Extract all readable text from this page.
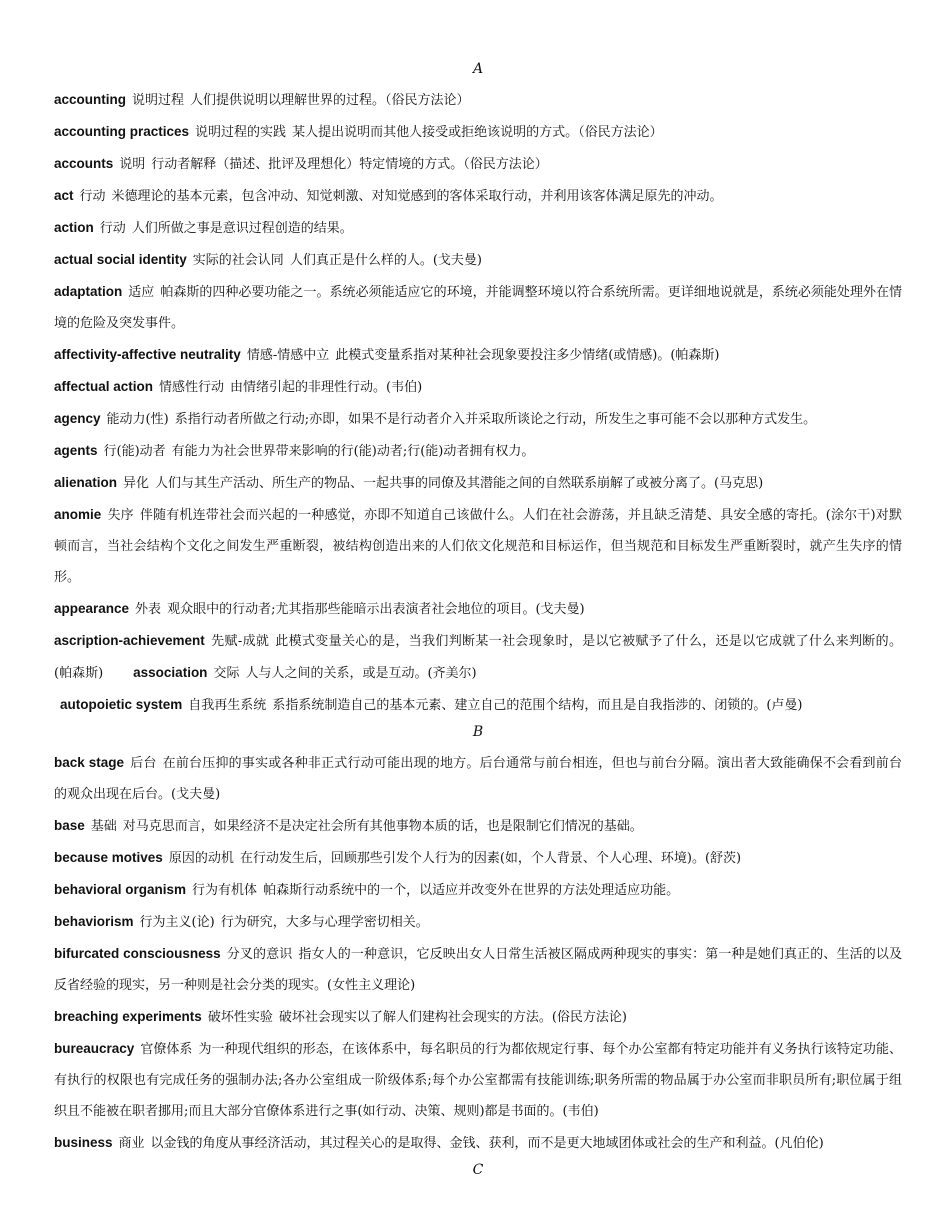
A

accounting 说明过程 人们提供说明以理解世界的过程。（俗民方法论）

accounting practices 说明过程的实践 某人提出说明而其他人接受或拒绝该说明的方式。（俗民方法论）

accounts 说明 行动者解释（描述、批评及理想化）特定情境的方式。（俗民方法论）

act 行动 米德理论的基本元素，包含冲动、知觉刺激、对知觉感到的客体采取行动，并利用该客体满足原先的冲动。

action 行动 人们所做之事是意识过程创造的结果。

actual social identity 实际的社会认同 人们真正是什么样的人。(戈夫曼)

adaptation 适应 帕森斯的四种必要功能之一。系统必须能适应它的环境，并能调整环境以符合系统所需。更详细地说就是，系统必须能处理外在情境的危险及突发事件。

affectivity-affective neutrality 情感-情感中立 此模式变量系指对某种社会现象要投注多少情绪(或情感)。(帕森斯)

affectual action 情感性行动 由情绪引起的非理性行动。(韦伯)

agency 能动力(性) 系指行动者所做之行动;亦即，如果不是行动者介入并采取所谈论之行动，所发生之事可能不会以那种方式发生。

agents 行(能)动者 有能力为社会世界带来影响的行(能)动者;行(能)动者拥有权力。

alienation 异化 人们与其生产活动、所生产的物品、一起共事的同僚及其潜能之间的自然联系崩解了或被分离了。(马克思)

anomie 失序 伴随有机连带社会而兴起的一种感觉，亦即不知道自己该做什么。人们在社会游荡，并且缺乏清楚、具安全感的寄托。(涂尔干)对默顿而言，当社会结构个文化之间发生严重断裂，被结构创造出来的人们依文化规范和目标运作，但当规范和目标发生严重断裂时，就产生失序的情形。

appearance 外表 观众眼中的行动者;尤其指那些能暗示出表演者社会地位的项目。(戈夫曼)

ascription-achievement 先赋-成就 此模式变量关心的是，当我们判断某一社会现象时，是以它被赋予了什么，还是以它成就了什么来判断的。(帕森斯) association 交际 人与人之间的关系，或是互动。(齐美尔)

autopoietic system 自我再生系统 系指系统制造自己的基本元素、建立自己的范围个结构，而且是自我指涉的、闭锁的。(卢曼)

B

back stage 后台 在前台压抑的事实或各种非正式行动可能出现的地方。后台通常与前台相连，但也与前台分隔。演出者大致能确保不会看到前台的观众出现在后台。(戈夫曼)

base 基础 对马克思而言，如果经济不是决定社会所有其他事物本质的话，也是限制它们情况的基础。

because motives 原因的动机 在行动发生后，回顾那些引发个人行为的因素(如，个人背景、个人心理、环境)。(舒茨)

behavioral organism 行为有机体 帕森斯行动系统中的一个，以适应并改变外在世界的方法处理适应功能。

behaviorism 行为主义(论) 行为研究，大多与心理学密切相关。

bifurcated consciousness 分叉的意识 指女人的一种意识，它反映出女人日常生活被区隔成两种现实的事实：第一种是她们真正的、生活的以及反省经验的现实，另一种则是社会分类的现实。(女性主义理论)

breaching experiments 破坏性实验 破坏社会现实以了解人们建构社会现实的方法。(俗民方法论)

bureaucracy 官僚体系 为一种现代组织的形态，在该体系中，每名职员的行为都依规定行事、每个办公室都有特定功能并有义务执行该特定功能、有执行的权限也有完成任务的强制办法;各办公室组成一阶级体系;每个办公室都需有技能训练;职务所需的物品属于办公室而非职员所有;职位属于组织且不能被在职者挪用;而且大部分官僚体系进行之事(如行动、决策、规则)都是书面的。(韦伯)

business 商业 以金钱的角度从事经济活动，其过程关心的是取得、金钱、获利，而不是更大地域团体或社会的生产和利益。(凡伯伦)

C
